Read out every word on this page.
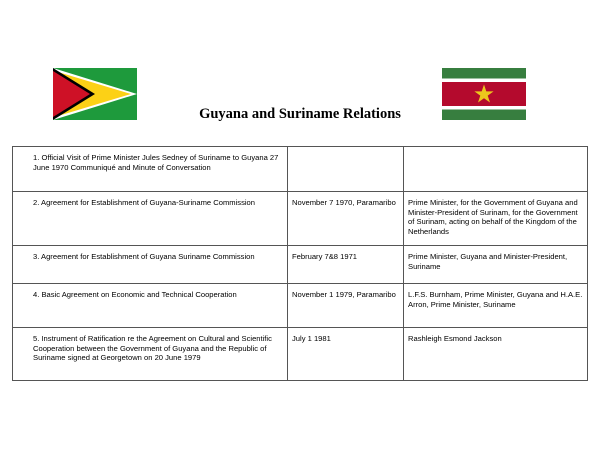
Guyana and Suriname Relations
1. Official Visit of Prime Minister Jules Sedney of Suriname to Guyana 27 June 1970 Communiqué and Minute of Conversation		

2. Agreement for Establishment of Guyana-Suriname Commission	November 7 1970, Paramaribo	Prime Minister, for the Government of Guyana and Minister-President of Surinam, for the Government of Surinam, acting on behalf of the Kingdom of the Netherlands

3. Agreement for Establishment of Guyana Suriname Commission	February 7&8 1971	Prime Minister, Guyana and Minister-President, Suriname

4. Basic Agreement on Economic and Technical Cooperation	November 1 1979, Paramaribo	L.F.S. Burnham, Prime Minister, Guyana and H.A.E. Arron, Prime Minister, Suriname

5. Instrument of Ratification re the Agreement on Cultural and Scientific Cooperation between the Government of Guyana and the Republic of Suriname signed at Georgetown on 20 June 1979	July 1 1981	Rashleigh Esmond Jackson
